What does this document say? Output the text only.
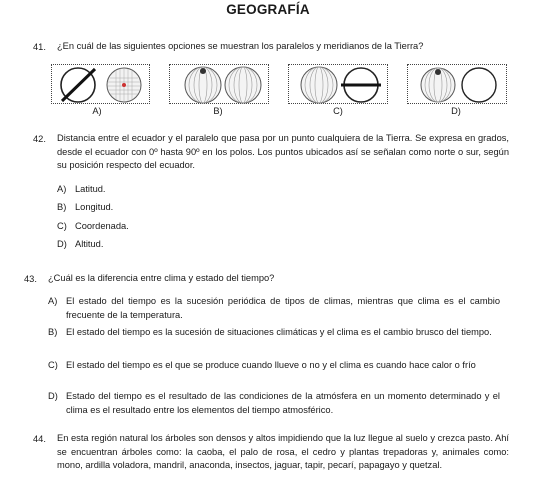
GEOGRAFÍA
41. ¿En cuál de las siguientes opciones se muestran los paralelos y meridianos de la Tierra?
A)	B)	C)	D)
42. Distancia entre el ecuador y el paralelo que pasa por un punto cualquiera de la Tierra. Se expresa en grados, desde el ecuador con 0º hasta 90º en los polos. Los puntos ubicados así se señalan como norte o sur, según su posición respecto del ecuador.
A) Latitud.
B) Longitud.
C) Coordenada.
D) Altitud.
43. ¿Cuál es la diferencia entre clima y estado del tiempo?
A) El estado del tiempo es la sucesión periódica de tipos de climas, mientras que clima es el cambio frecuente de la temperatura.
B) El estado del tiempo es la sucesión de situaciones climáticas y el clima es el cambio brusco del tiempo.
C) El estado del tiempo es el que se produce cuando llueve o no y el clima es cuando hace calor o frío
D) Estado del tiempo es el resultado de las condiciones de la atmósfera en un momento determinado y el clima es el resultado entre los elementos del tiempo atmosférico.
44. En esta región natural los árboles son densos y altos impidiendo que la luz llegue al suelo y crezca pasto. Ahí se encuentran árboles como: la caoba, el palo de rosa, el cedro y plantas trepadoras y, animales como: mono, ardilla voladora, mandril, anaconda, insectos, jaguar, tapir, pecarí, papagayo y quetzal.
